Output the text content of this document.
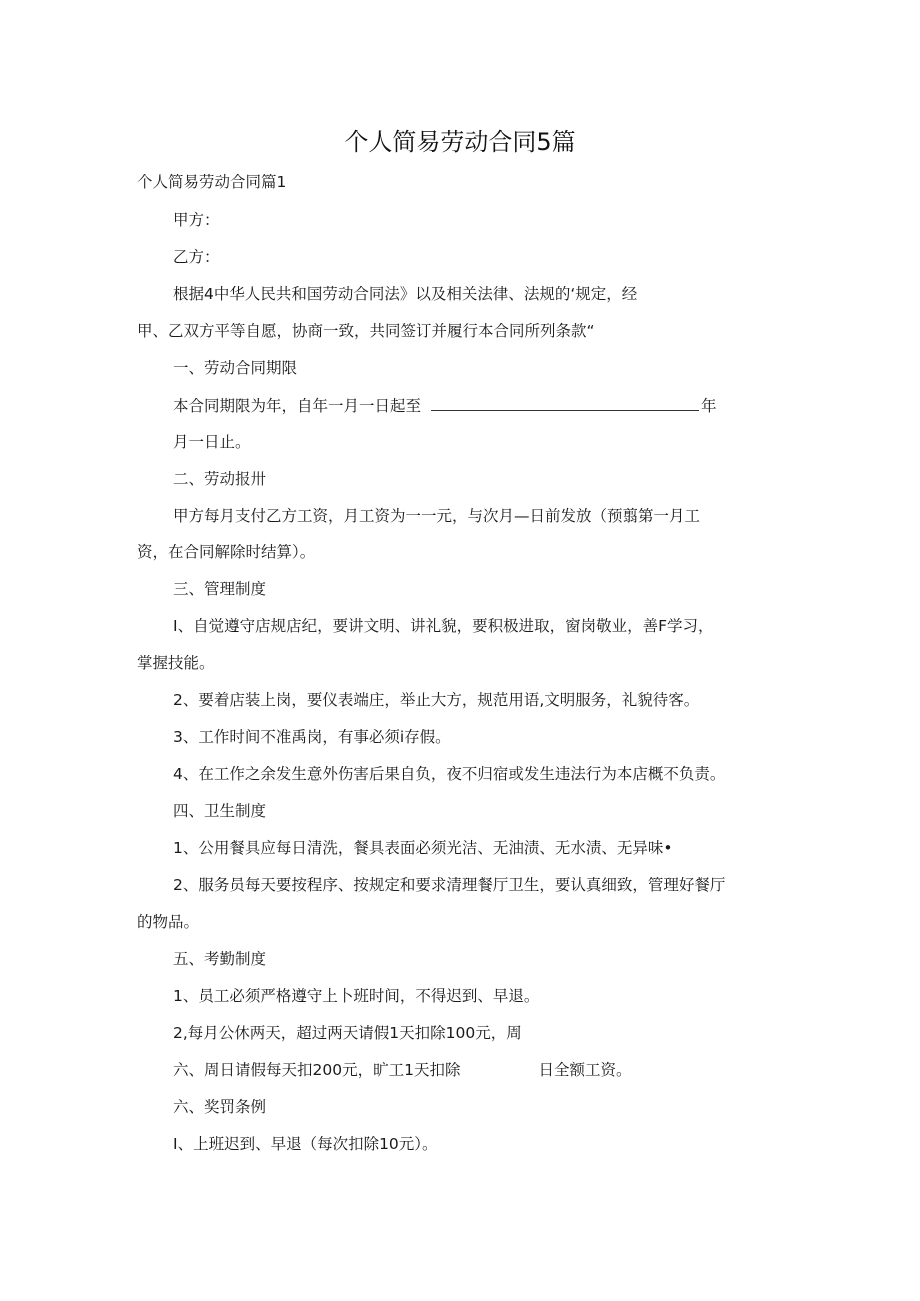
个人简易劳动合同5篇
个人简易劳动合同篇1
甲方：
乙方：
根据4中华人民共和国劳动合同法》以及相关法律、法规的‘规定，经
甲、乙双方平等自愿，协商一致，共同签订并履行本合同所列条款“
一、劳动合同期限
本合同期限为年，自年一月一日起至	年
月一日止。
二、劳动报卅
甲方每月支付乙方工资，月工资为一一元，与次月—日前发放（预翦第一月工
资，在合同解除时结算）。
三、管理制度
I、自觉遵守店规店纪，要讲文明、讲礼貌，要积极进取，窗岗敬业，善F学习，
掌握技能。
2、要着店装上岗，要仪表端庄，举止大方，规范用语,文明服务，礼貌待客。
3、工作时间不准禹岗，有事必须i存假。
4、在工作之余发生意外伤害后果自负，夜不归宿或发生违法行为本店概不负责。
四、卫生制度
1、公用餐具应每日清洗，餐具表面必须光洁、无油渍、无水渍、无异味•
2、服务员每天要按程序、按规定和要求清理餐厅卫生，要认真细致，管理好餐厅
的物品。
五、考勤制度
1、员工必须严格遵守上卜班时间，不得迟到、早退。
2,每月公休两天，超过两天请假1天扣除100元，周
六、周日请假每天扣200元，旷工1天扣除	日全额工资。
六、奖罚条例
I、上班迟到、早退（每次扣除10元）。
